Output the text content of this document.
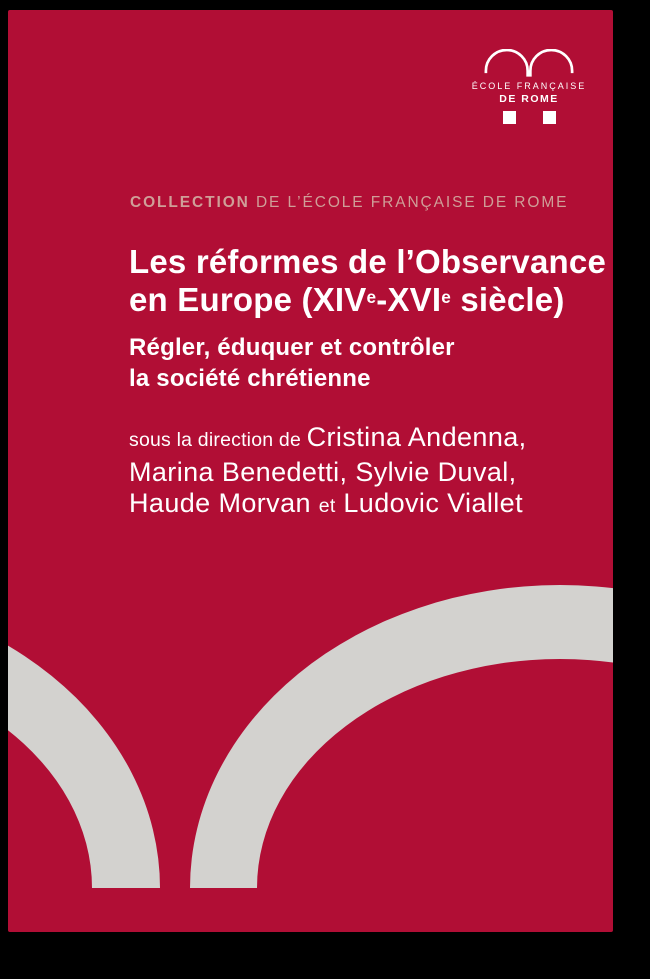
ÉCOLE FRANÇAISE
DE ROME
COLLECTION DE L’ÉCOLE FRANÇAISE DE ROME
Les réformes de l’Observance
en Europe (XIVe-XVIe siècle)
Régler, éduquer et contrôler
la société chrétienne
sous la direction de Cristina Andenna,
Marina Benedetti, Sylvie Duval,
Haude Morvan et Ludovic Viallet
